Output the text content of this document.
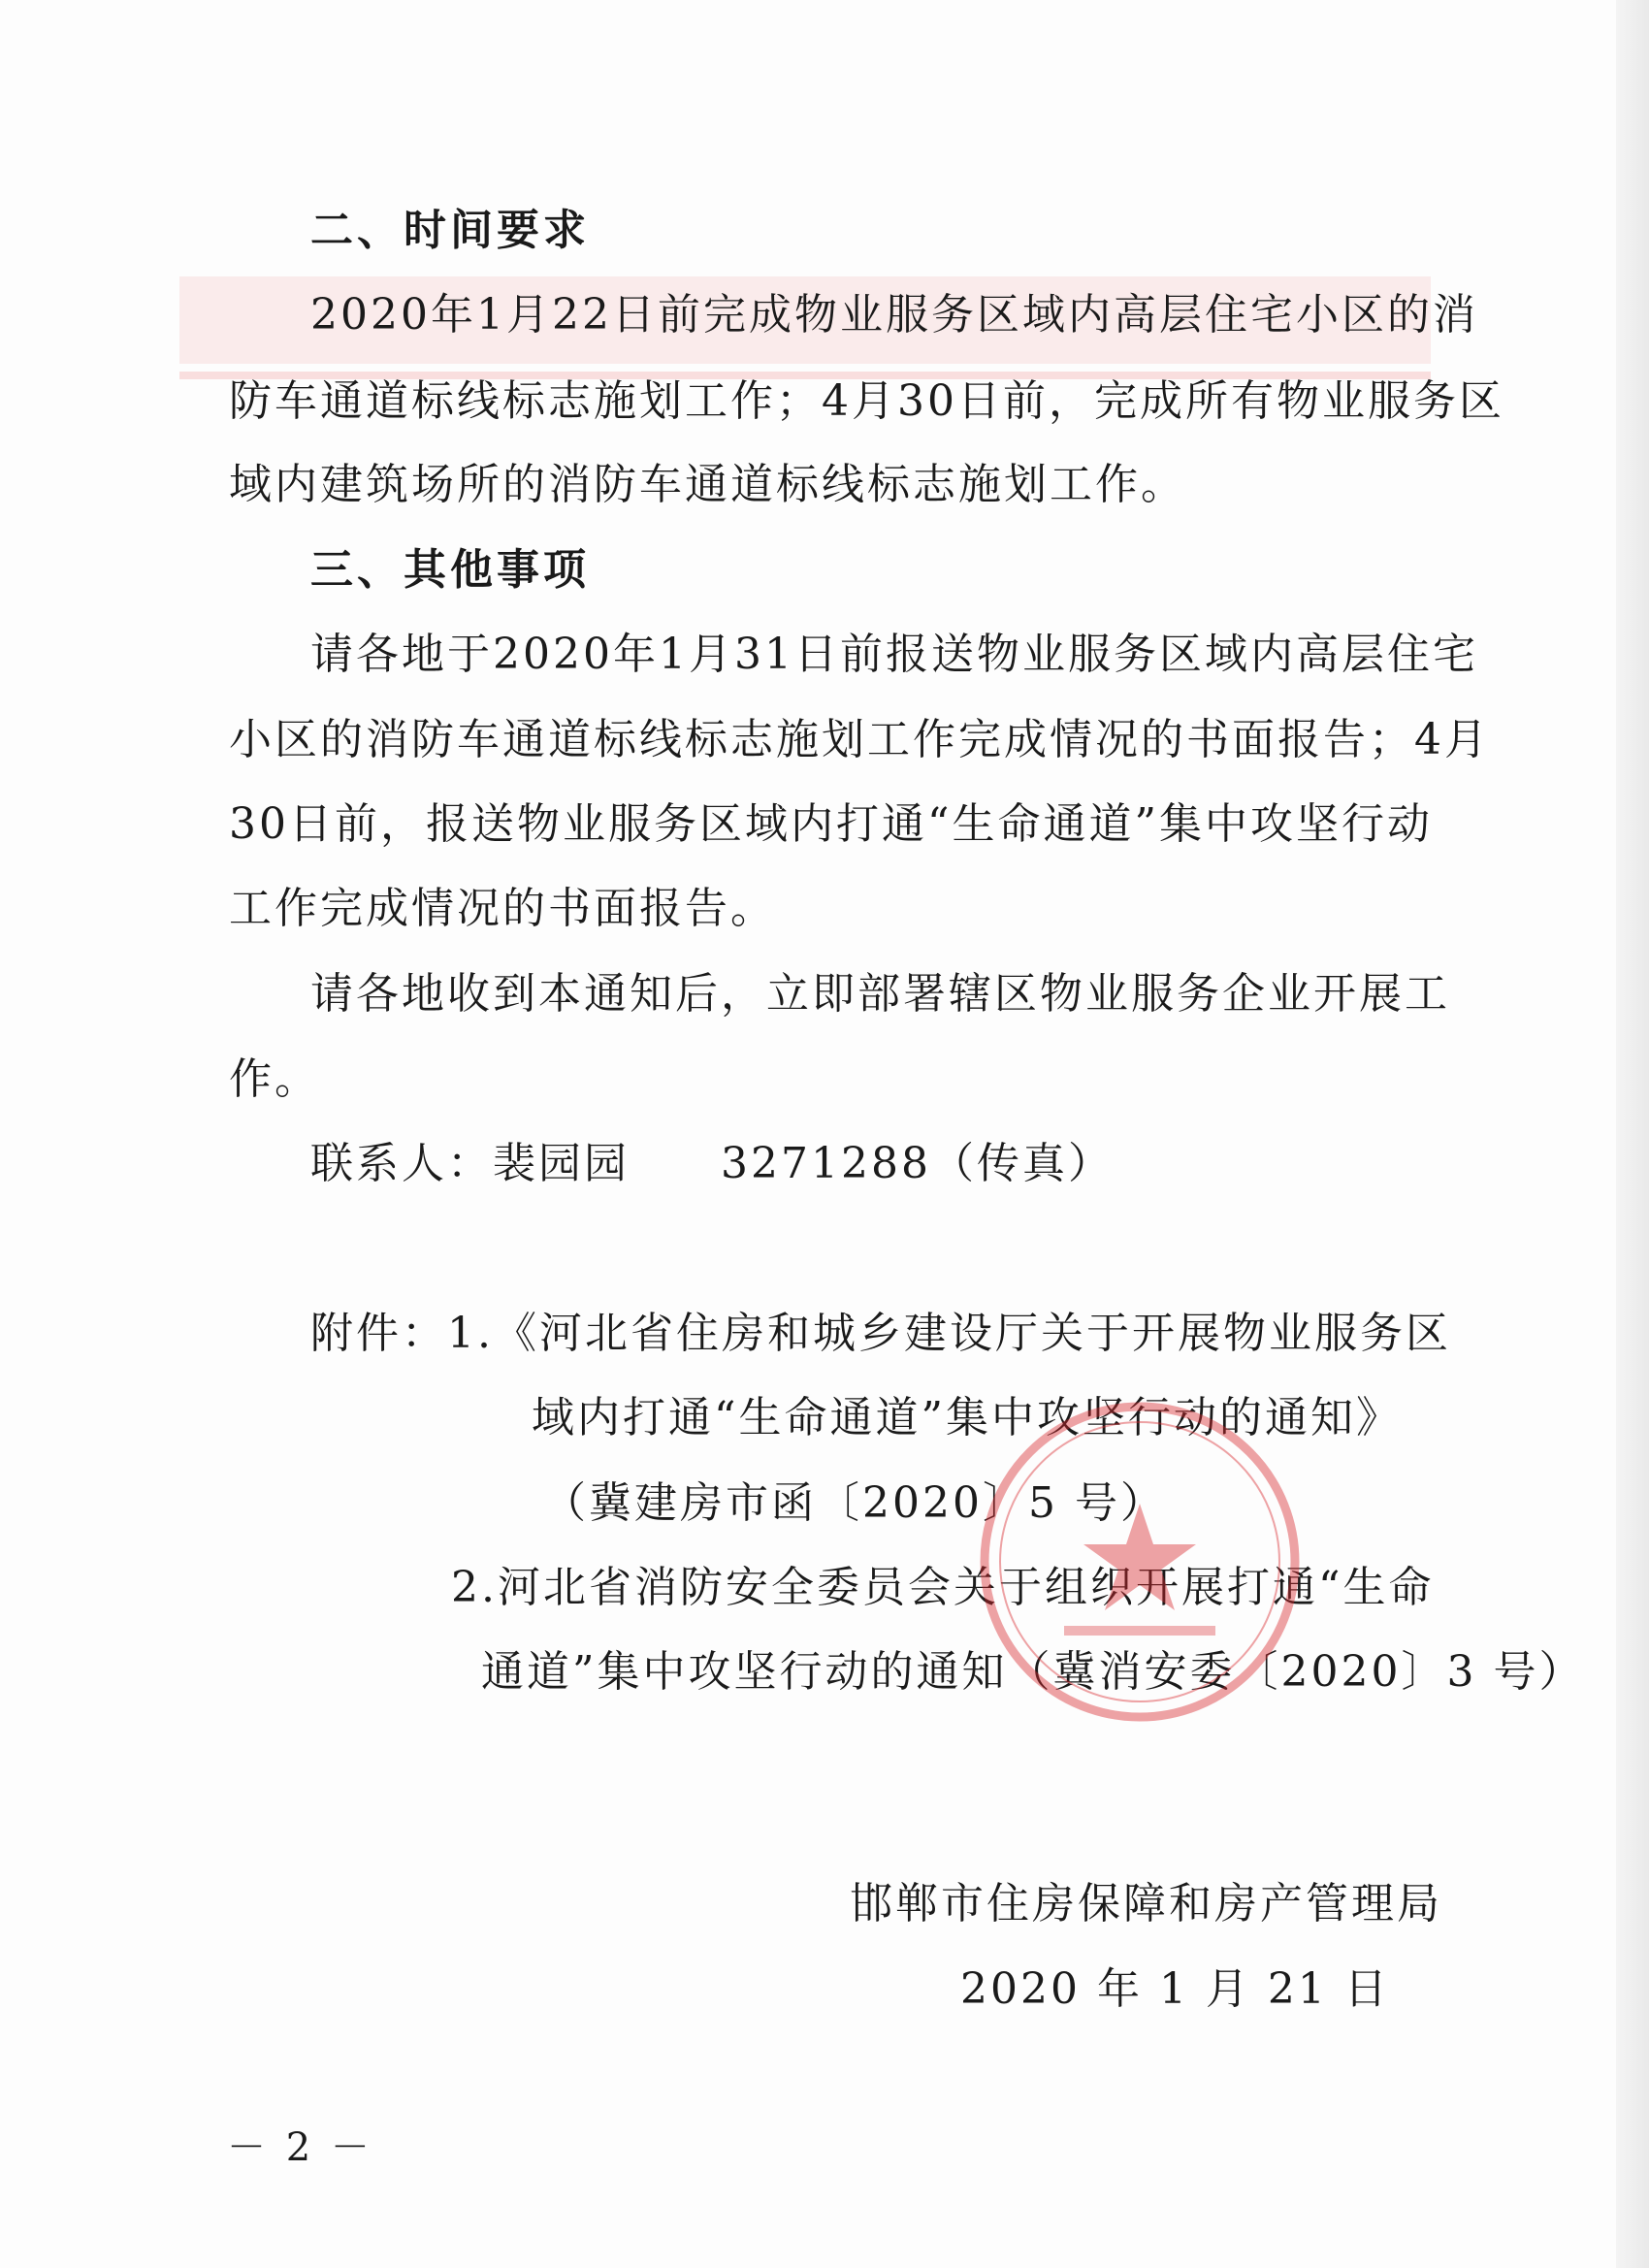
二、时间要求
2020年1月22日前完成物业服务区域内高层住宅小区的消
防车通道标线标志施划工作；4月30日前，完成所有物业服务区
域内建筑场所的消防车通道标线标志施划工作。
三、其他事项
请各地于2020年1月31日前报送物业服务区域内高层住宅
小区的消防车通道标线标志施划工作完成情况的书面报告；4月
30日前，报送物业服务区域内打通“生命通道”集中攻坚行动
工作完成情况的书面报告。
请各地收到本通知后，立即部署辖区物业服务企业开展工
作。
联系人：裴园园　　3271288（传真）
附件：1.《河北省住房和城乡建设厅关于开展物业服务区
域内打通“生命通道”集中攻坚行动的通知》
（冀建房市函〔2020〕5 号）
2.河北省消防安全委员会关于组织开展打通“生命
通道”集中攻坚行动的通知（冀消安委〔2020〕3 号）
邯郸市住房保障和房产管理局
2020 年 1 月 21 日
－ 2 －
